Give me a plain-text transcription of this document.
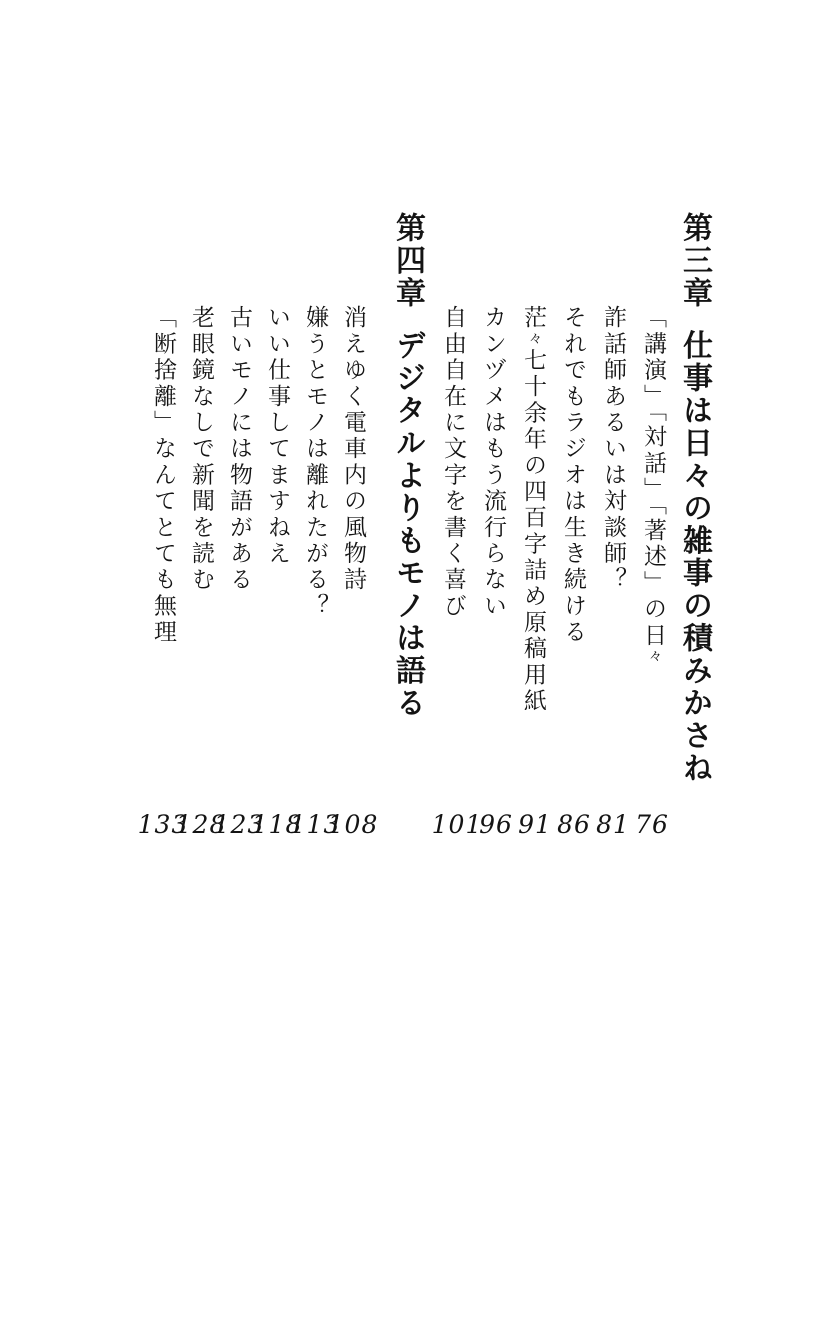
第三章仕事は日々の雑事の積みかさね
「講演」「対話」「著述」の日々
詐話師あるいは対談師？
それでもラジオは生き続ける
茫々七十余年の四百字詰め原稿用紙
カンヅメはもう流行らない
自由自在に文字を書く喜び
76
81
86
91
96
101
第四章デジタルよりもモノは語る
消えゆく電車内の風物詩
嫌うとモノは離れたがる？
いい仕事してますねえ
古いモノには物語がある
老眼鏡なしで新聞を読む
「断捨離」なんてとても無理
108
113
118
123
128
133
